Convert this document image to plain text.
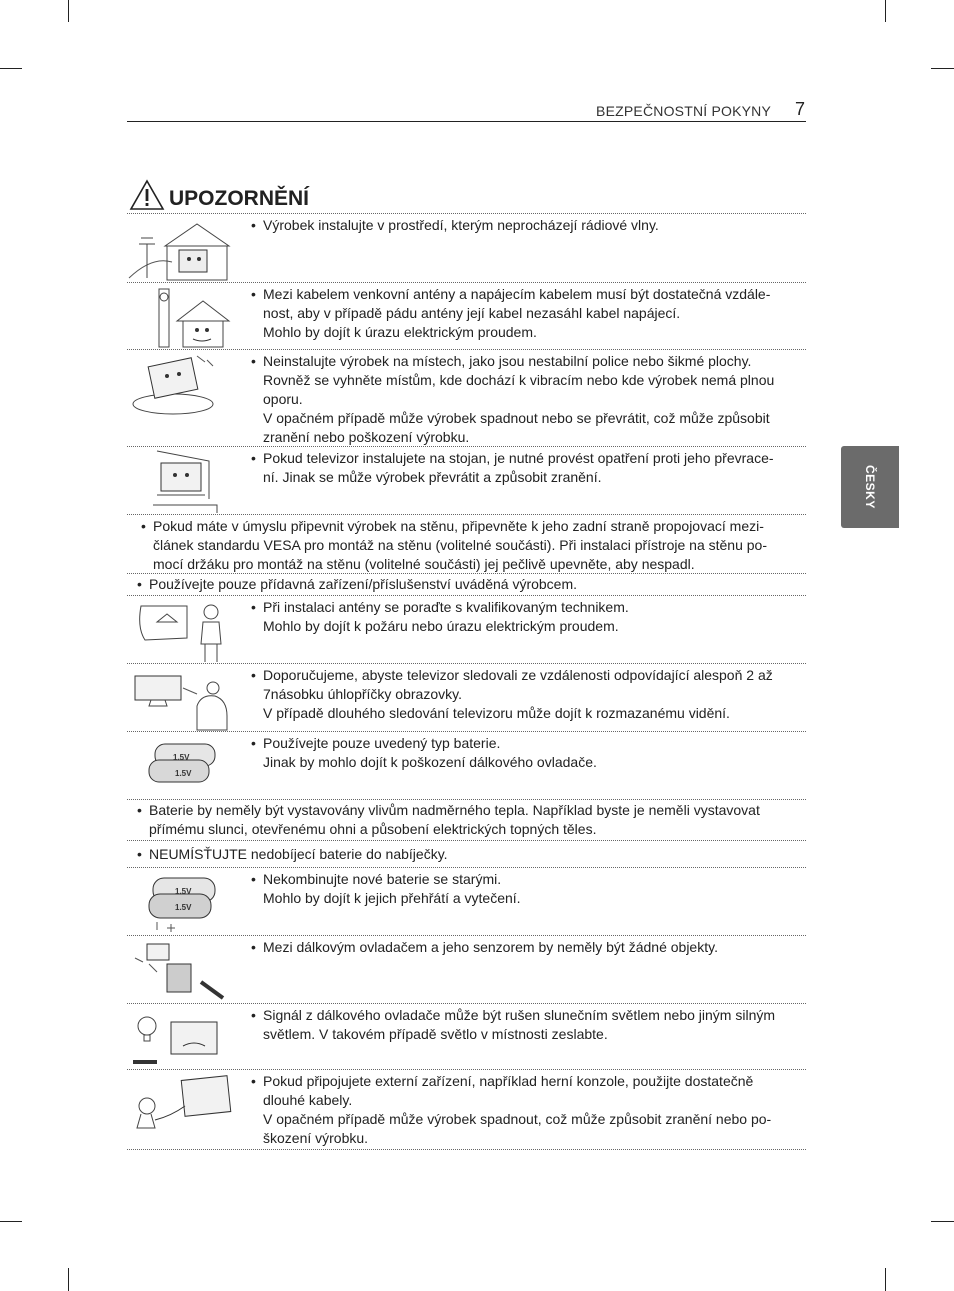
BEZPEČNOSTNÍ POKYNY 7
ČESKY
UPOZORNĚNÍ
• Výrobek instalujte v prostředí, kterým neprocházejí rádiové vlny.
• Mezi kabelem venkovní antény a napájecím kabelem musí být dostatečná vzdále-
nost, aby v případě pádu antény její kabel nezasáhl kabel napájecí.
Mohlo by dojít k úrazu elektrickým proudem.
• Neinstalujte výrobek na místech, jako jsou nestabilní police nebo šikmé plochy.
Rovněž se vyhněte místům, kde dochází k vibracím nebo kde výrobek nemá plnou
oporu.
V opačném případě může výrobek spadnout nebo se převrátit, což může způsobit
zranění nebo poškození výrobku.
• Pokud televizor instalujete na stojan, je nutné provést opatření proti jeho převrace-
ní. Jinak se může výrobek převrátit a způsobit zranění.
• Pokud máte v úmyslu připevnit výrobek na stěnu, připevněte k jeho zadní straně propojovací mezi-
článek standardu VESA pro montáž na stěnu (volitelné součásti). Při instalaci přístroje na stěnu po-
mocí držáku pro montáž na stěnu (volitelné součásti) jej pečlivě upevněte, aby nespadl.
• Používejte pouze přídavná zařízení/příslušenství uváděná výrobcem.
• Při instalaci antény se poraďte s kvalifikovaným technikem.
Mohlo by dojít k požáru nebo úrazu elektrickým proudem.
• Doporučujeme, abyste televizor sledovali ze vzdálenosti odpovídající alespoň 2 až
7násobku úhlopříčky obrazovky.
V případě dlouhého sledování televizoru může dojít k rozmazanému vidění.
1.5V
1.5V
• Používejte pouze uvedený typ baterie.
Jinak by mohlo dojít k poškození dálkového ovladače.
• Baterie by neměly být vystavovány vlivům nadměrného tepla. Například byste je neměli vystavovat
přímému slunci, otevřenému ohni a působení elektrických topných těles.
• NEUMÍSŤUJTE nedobíjecí baterie do nabíječky.
1.5V
1.5V
• Nekombinujte nové baterie se starými.
Mohlo by dojít k jejich přehřátí a vytečení.
• Mezi dálkovým ovladačem a jeho senzorem by neměly být žádné objekty.
• Signál z dálkového ovladače může být rušen slunečním světlem nebo jiným silným
světlem. V takovém případě světlo v místnosti zeslabte.
• Pokud připojujete externí zařízení, například herní konzole, použijte dostatečně
dlouhé kabely.
V opačném případě může výrobek spadnout, což může způsobit zranění nebo po-
škození výrobku.
